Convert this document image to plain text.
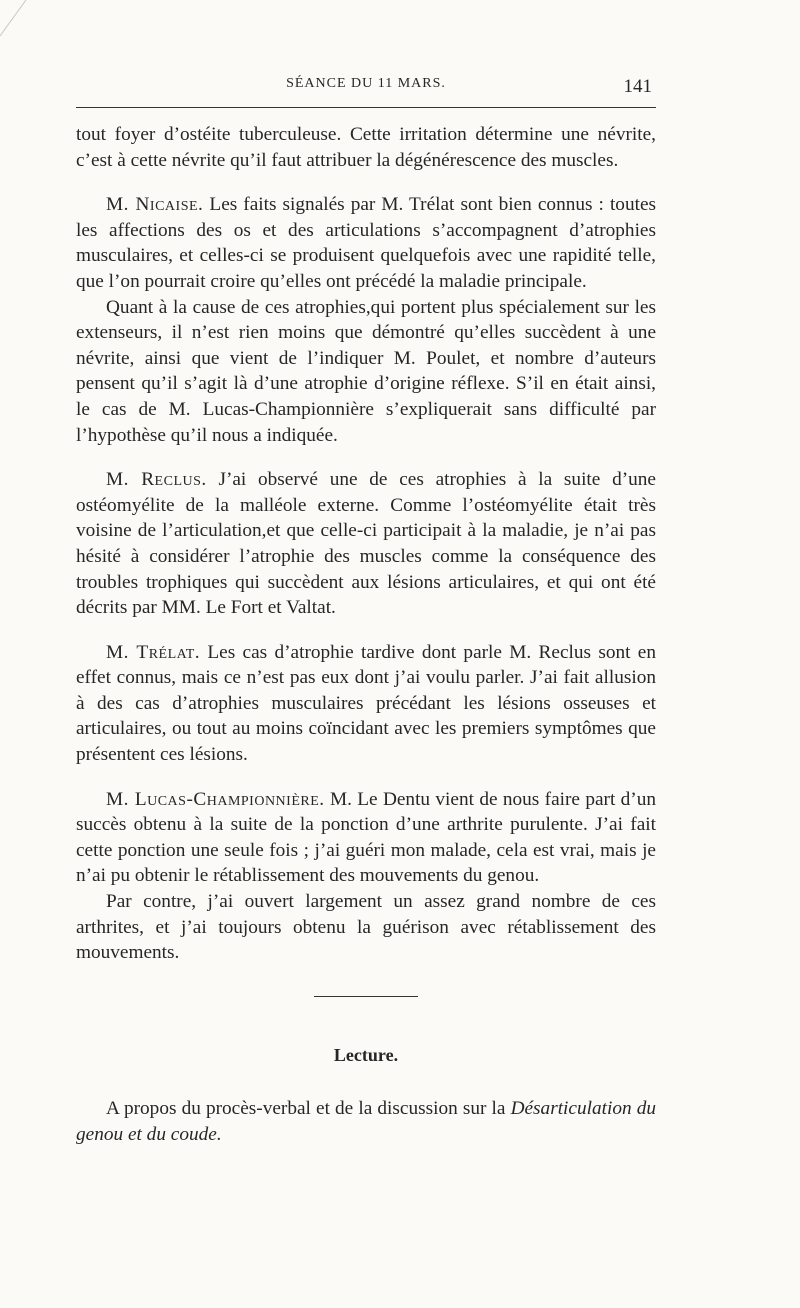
SÉANCE DU 11 MARS.	141

tout foyer d’ostéite tuberculeuse. Cette irritation détermine une névrite, c’est à cette névrite qu’il faut attribuer la dégénérescence des muscles.

M. Nicaise. Les faits signalés par M. Trélat sont bien connus : toutes les affections des os et des articulations s’accompagnent d’atrophies musculaires, et celles-ci se produisent quelquefois avec une rapidité telle, que l’on pourrait croire qu’elles ont précédé la maladie principale.

Quant à la cause de ces atrophies,qui portent plus spécialement sur les extenseurs, il n’est rien moins que démontré qu’elles succèdent à une névrite, ainsi que vient de l’indiquer M. Poulet, et nombre d’auteurs pensent qu’il s’agit là d’une atrophie d’origine réflexe. S’il en était ainsi, le cas de M. Lucas-Championnière s’expliquerait sans difficulté par l’hypothèse qu’il nous a indiquée.

M. Reclus. J’ai observé une de ces atrophies à la suite d’une ostéomyélite de la malléole externe. Comme l’ostéomyélite était très voisine de l’articulation,et que celle-ci participait à la maladie, je n’ai pas hésité à considérer l’atrophie des muscles comme la conséquence des troubles trophiques qui succèdent aux lésions articulaires, et qui ont été décrits par MM. Le Fort et Valtat.

M. Trélat. Les cas d’atrophie tardive dont parle M. Reclus sont en effet connus, mais ce n’est pas eux dont j’ai voulu parler. J’ai fait allusion à des cas d’atrophies musculaires précédant les lésions osseuses et articulaires, ou tout au moins coïncidant avec les premiers symptômes que présentent ces lésions.

M. Lucas-Championnière. M. Le Dentu vient de nous faire part d’un succès obtenu à la suite de la ponction d’une arthrite purulente. J’ai fait cette ponction une seule fois ; j’ai guéri mon malade, cela est vrai, mais je n’ai pu obtenir le rétablissement des mouvements du genou.

Par contre, j’ai ouvert largement un assez grand nombre de ces arthrites, et j’ai toujours obtenu la guérison avec rétablissement des mouvements.

Lecture.

A propos du procès-verbal et de la discussion sur la Désarticulation du genou et du coude.
